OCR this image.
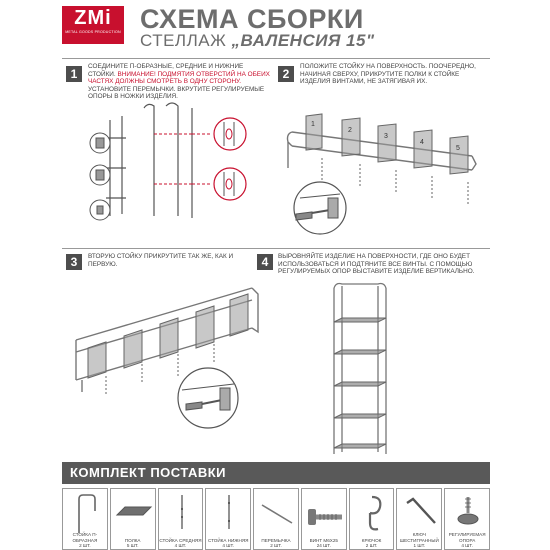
ZMi
METAL GOODS PRODUCTION СХЕМА СБОРКИ
СТЕЛЛАЖ „ВАЛЕНСИЯ 15"
1
СОЕДИНИТЕ П-ОБРАЗНЫЕ, СРЕДНИЕ И НИЖНИЕ СТОЙКИ. ВНИМАНИЕ! ПОДМЯТИЯ ОТВЕРСТИЙ НА ОБЕИХ ЧАСТЯХ ДОЛЖНЫ СМОТРЕТЬ В ОДНУ СТОРОНУ. УСТАНОВИТЕ ПЕРЕМЫЧКИ. ВКРУТИТЕ РЕГУЛИРУЕМЫЕ ОПОРЫ В НОЖКИ ИЗДЕЛИЯ.
2
ПОЛОЖИТЕ СТОЙКУ НА ПОВЕРХНОСТЬ. ПООЧЕРЕДНО, НАЧИНАЯ СВЕРХУ, ПРИКРУТИТЕ ПОЛКИ К СТОЙКЕ ИЗДЕЛИЯ ВИНТАМИ, НЕ ЗАТЯГИВАЯ ИХ.
1
2
3
4
5
3	ВТОРУЮ СТОЙКУ ПРИКРУТИТЕ ТАК ЖЕ, КАК И ПЕРВУЮ.	4	ВЫРОВНЯЙТЕ ИЗДЕЛИЕ НА ПОВЕРХНОСТИ, ГДЕ ОНО БУДЕТ ИСПОЛЬЗОВАТЬСЯ И ПОДТЯНИТЕ ВСЕ ВИНТЫ. С ПОМОЩЬЮ РЕГУЛИРУЕМЫХ ОПОР ВЫСТАВИТЕ ИЗДЕЛИЕ ВЕРТИКАЛЬНО.
КОМПЛЕКТ ПОСТАВКИ
СТОЙКА П-ОБРАЗНАЯ
2 ШТ.
ПОЛКА
5 ШТ.
СТОЙКА СРЕДНЯЯ
4 ШТ.
СТОЙКА НИЖНЯЯ
4 ШТ.
ПЕРЕМЫЧКА
2 ШТ.
ВИНТ M6X25
24 ШТ.
КРЮЧОК
2 ШТ.
КЛЮЧ ШЕСТИГРАННЫЙ
1 ШТ.
РЕГУЛИРУЕМАЯ ОПОРА
4 ШТ.
